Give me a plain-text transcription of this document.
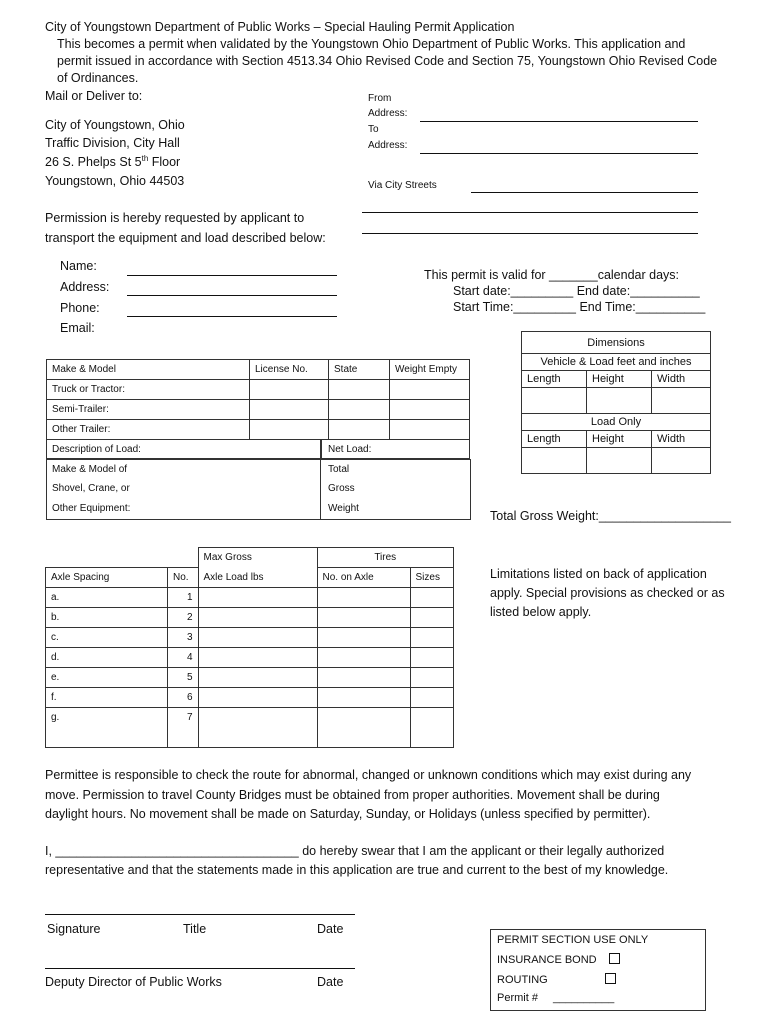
City of Youngstown Department of Public Works – Special Hauling Permit Application
This becomes a permit when validated by the Youngstown Ohio Department of Public Works. This application and
permit issued in accordance with Section 4513.34 Ohio Revised Code and Section 75, Youngstown Ohio Revised Code
of Ordinances.
Mail or Deliver to:
City of Youngstown, Ohio
Traffic Division, City Hall
26 S. Phelps St 5th Floor
Youngstown, Ohio 44503
From
Address:
To
Address:
Via City Streets
Permission is hereby requested by applicant to
transport the equipment and load described below:
Name:
Address:
Phone:
Email:
This permit is valid for _______calendar days:
Start date:_________ End date:__________
Start Time:_________ End Time:__________
Make & Model	License No.	State	Weight Empty
Truck or Tractor:			
Semi-Trailer:			
Other Trailer:			
Description of Load:				Net Load:
Make & Model of
Shovel, Crane, or
Other Equipment:
Total
Gross
Weight
Dimensions		
Vehicle & Load feet and inches		
Length	Height	Width

Load Only		
Length	Height	Width

Total Gross Weight:___________________
		Max Gross	Tires	
Axle Spacing	No.	Axle Load lbs	No. on Axle	Sizes
a.	1			
b.	2			
c.	3			
d.	4			
e.	5			
f.	6			
g.	7			
Limitations listed on back of application
apply. Special provisions as checked or as
listed below apply.
Permittee is responsible to check the route for abnormal, changed or unknown conditions which may exist during any
move. Permission to travel County Bridges must be obtained from proper authorities. Movement shall be during
daylight hours. No movement shall be made on Saturday, Sunday, or Holidays (unless specified by permitter).
I, ___________________________________ do hereby swear that I am the applicant or their legally authorized
representative and that the statements made in this application are true and current to the best of my knowledge.
Signature	Title	Date
Deputy Director of Public Works	Date
PERMIT SECTION USE ONLY
INSURANCE BOND
ROUTING
Permit # __________
